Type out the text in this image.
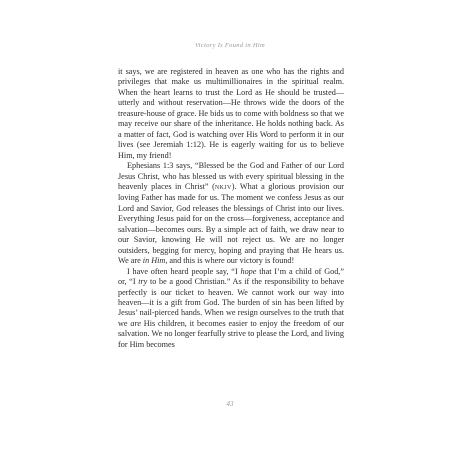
Victory Is Found in Him

it says, we are registered in heaven as one who has the rights and privileges that make us multimillionaires in the spiritual realm. When the heart learns to trust the Lord as He should be trusted—utterly and without reservation—He throws wide the doors of the treasure-house of grace. He bids us to come with boldness so that we may receive our share of the inheritance. He holds nothing back. As a matter of fact, God is watching over His Word to perform it in our lives (see Jeremiah 1:12). He is eagerly waiting for us to believe Him, my friend!

Ephesians 1:3 says, “Blessed be the God and Father of our Lord Jesus Christ, who has blessed us with every spiritual blessing in the heavenly places in Christ” (NKJV). What a glorious provision our loving Father has made for us. The moment we confess Jesus as our Lord and Savior, God releases the blessings of Christ into our lives. Everything Jesus paid for on the cross—forgiveness, acceptance and salvation—becomes ours. By a simple act of faith, we draw near to our Savior, knowing He will not reject us. We are no longer outsiders, begging for mercy, hoping and praying that He hears us. We are in Him, and this is where our victory is found!

I have often heard people say, “I hope that I’m a child of God,” or, “I try to be a good Christian.” As if the responsibility to behave perfectly is our ticket to heaven. We cannot work our way into heaven—it is a gift from God. The burden of sin has been lifted by Jesus’ nail-pierced hands. When we resign ourselves to the truth that we are His children, it becomes easier to enjoy the freedom of our salvation. We no longer fearfully strive to please the Lord, and living for Him becomes

43
